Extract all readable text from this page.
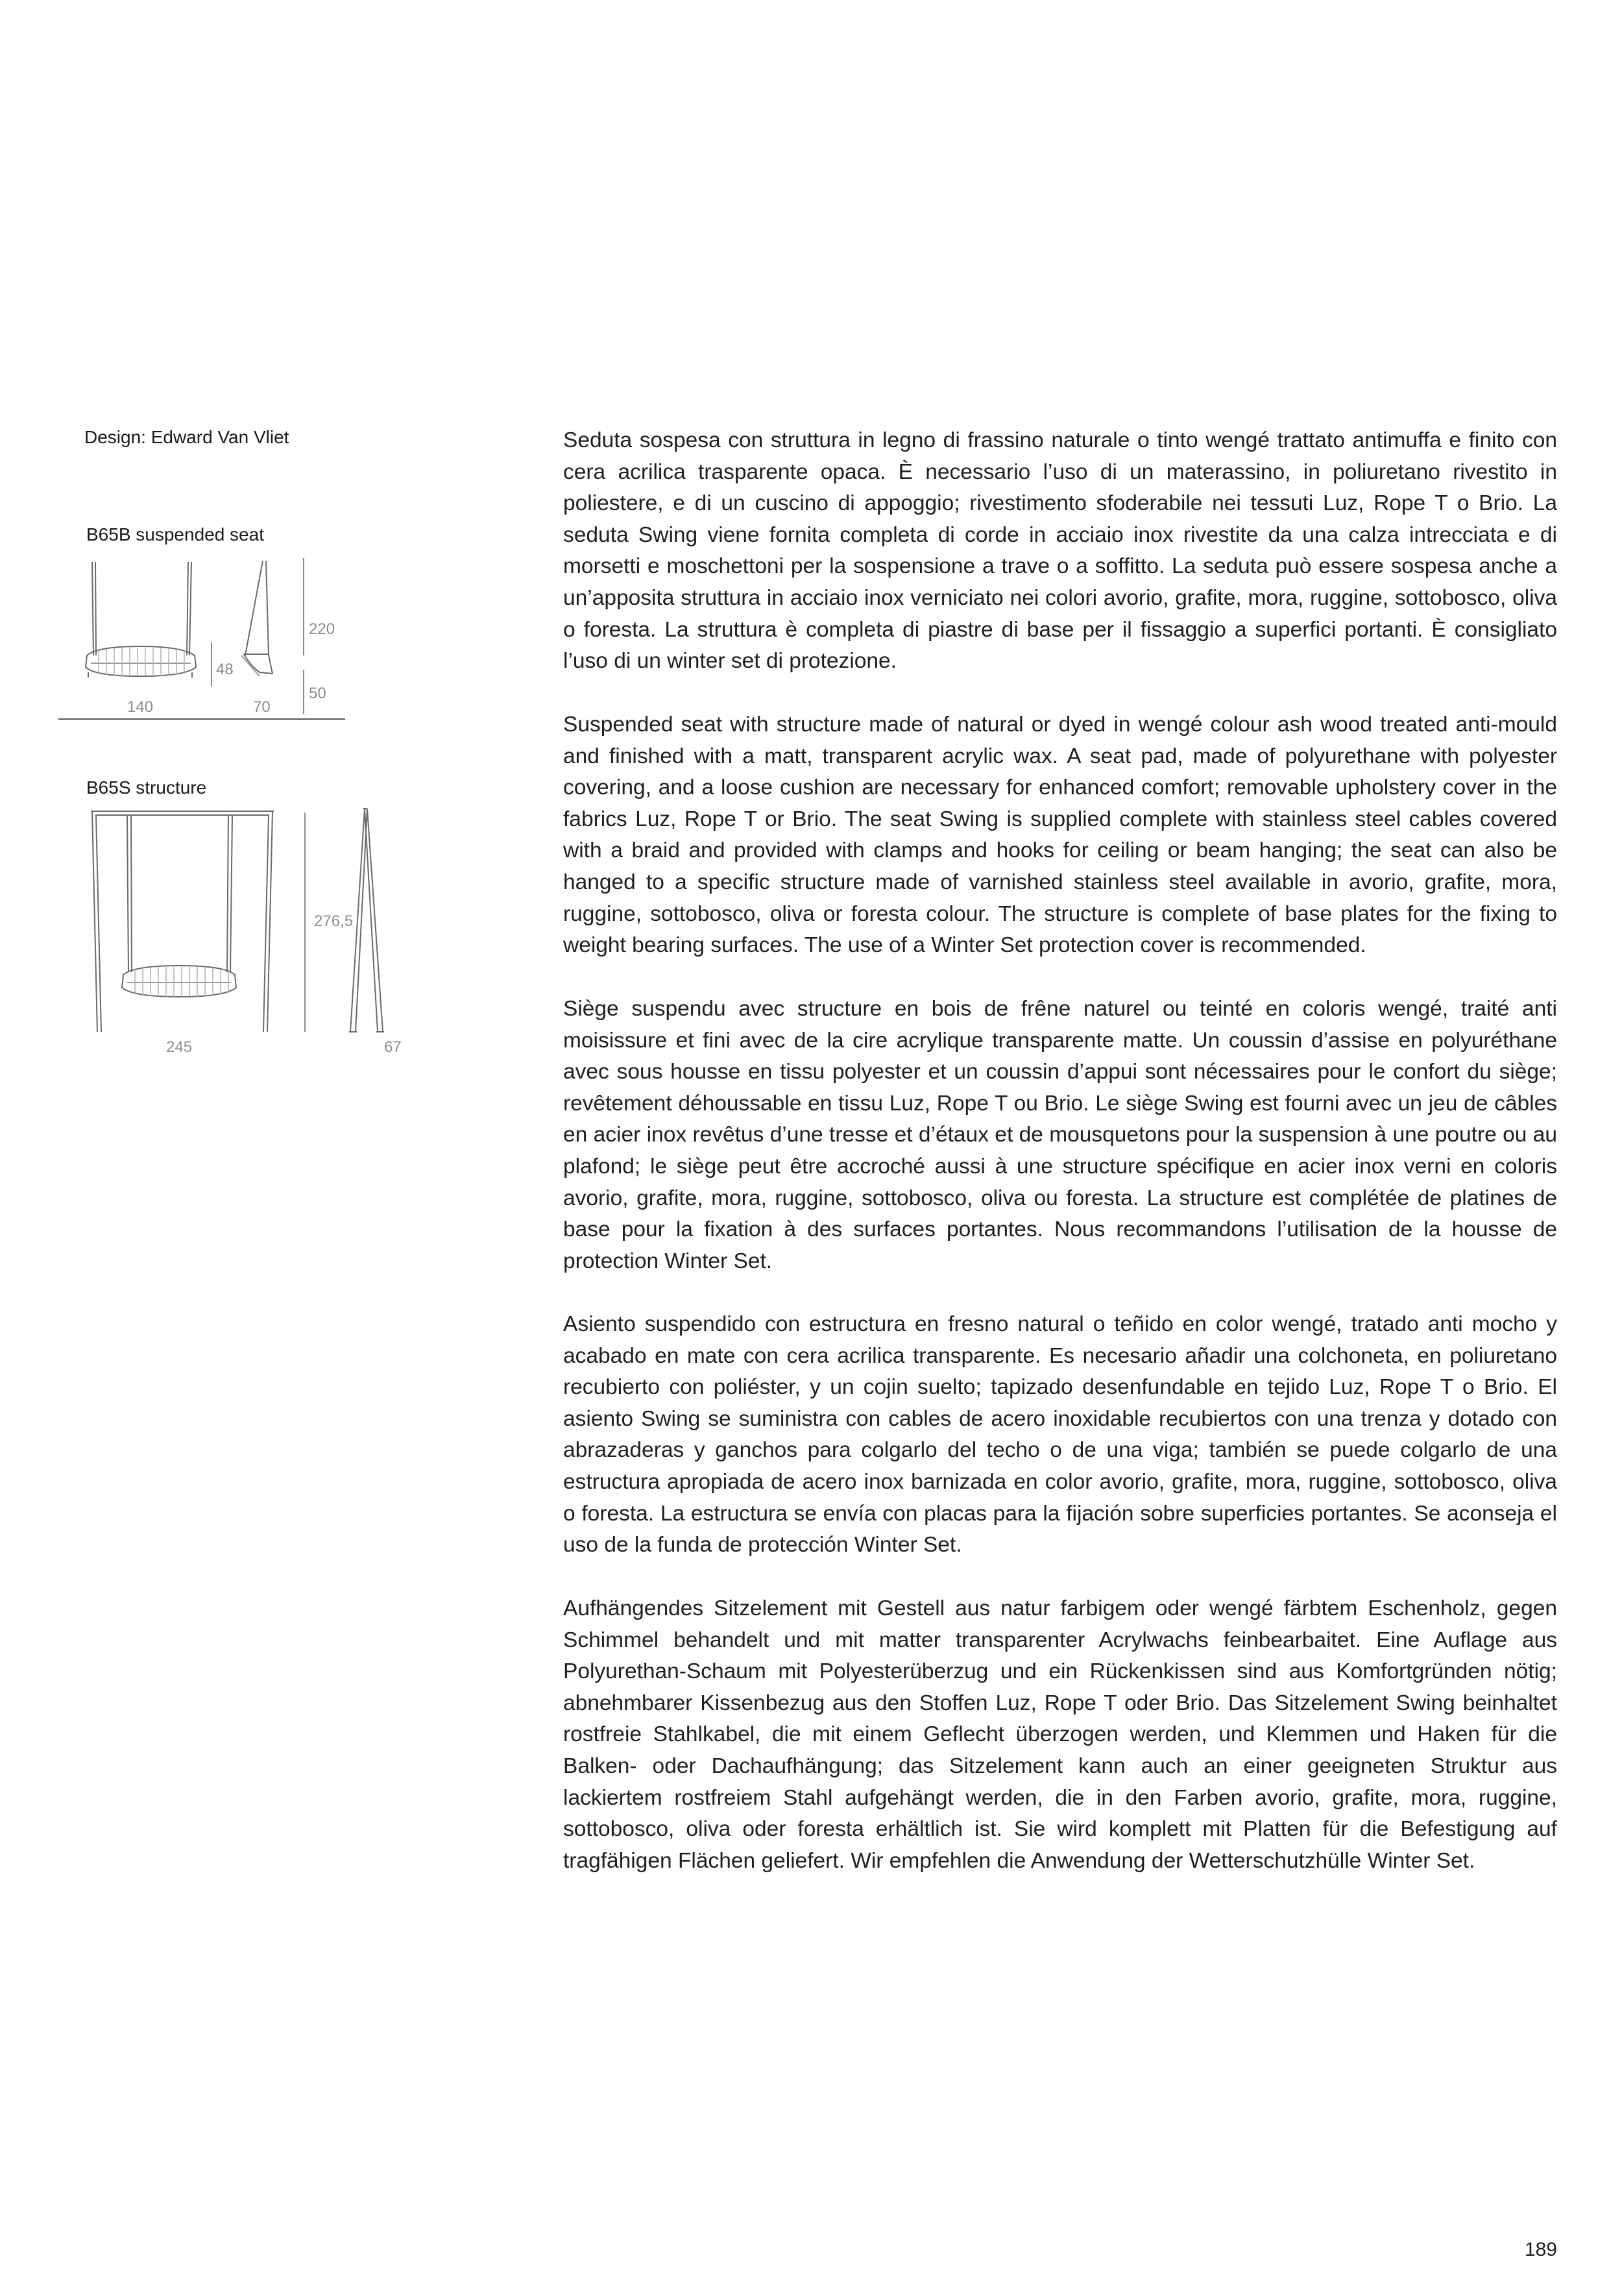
Design: Edward Van Vliet
B65B suspended seat
220
48
50
140	70
B65S structure
276,5
245	67

Seduta sospesa con struttura in legno di frassino naturale o tinto wengé trattato antimuffa e finito con cera acrilica trasparente opaca. È necessario l’uso di un materassino, in poliuretano rivestito in poliestere, e di un cuscino di appoggio; rivestimento sfoderabile nei tessuti Luz, Rope T o Brio. La seduta Swing viene fornita completa di corde in acciaio inox rivestite da una calza intrecciata e di morsetti e moschettoni per la sospensione a trave o a soffitto. La seduta può essere sospesa anche a un’apposita struttura in acciaio inox verniciato nei colori avorio, grafite, mora, ruggine, sottobosco, oliva o foresta. La struttura è completa di piastre di base per il fissaggio a superfici portanti. È consigliato l’uso di un winter set di protezione.

Suspended seat with structure made of natural or dyed in wengé colour ash wood treated anti-mould and finished with a matt, transparent acrylic wax. A seat pad, made of polyurethane with polyester covering, and a loose cushion are necessary for enhanced comfort; removable upholstery cover in the fabrics Luz, Rope T or Brio. The seat Swing is supplied complete with stainless steel cables covered with a braid and provided with clamps and hooks for ceiling or beam hanging; the seat can also be hanged to a specific structure made of varnished stainless steel available in avorio, grafite, mora, ruggine, sottobosco, oliva or foresta colour. The structure is complete of base plates for the fixing to weight bearing surfaces. The use of a Winter Set protection cover is recommended.

Siège suspendu avec structure en bois de frêne naturel ou teinté en coloris wengé, traité anti moisissure et fini avec de la cire acrylique transparente matte. Un coussin d’assise en polyuréthane avec sous housse en tissu polyester et un coussin d’appui sont nécessaires pour le confort du siège; revêtement déhoussable en tissu Luz, Rope T ou Brio. Le siège Swing est fourni avec un jeu de câbles en acier inox revêtus d’une tresse et d’étaux et de mousquetons pour la suspension à une poutre ou au plafond; le siège peut être accroché aussi à une structure spécifique en acier inox verni en coloris avorio, grafite, mora, ruggine, sottobosco, oliva ou foresta. La structure est complétée de platines de base pour la fixation à des surfaces portantes. Nous recommandons l’utilisation de la housse de protection Winter Set.

Asiento suspendido con estructura en fresno natural o teñido en color wengé, tratado anti mocho y acabado en mate con cera acrilica transparente. Es necesario añadir una colchoneta, en poliuretano recubierto con poliéster, y un cojin suelto; tapizado desenfundable en tejido Luz, Rope T o Brio. El asiento Swing se suministra con cables de acero inoxidable recubiertos con una trenza y dotado con abrazaderas y ganchos para colgarlo del techo o de una viga; también se puede colgarlo de una estructura apropiada de acero inox barnizada en color avorio, grafite, mora, ruggine, sottobosco, oliva o foresta. La estructura se envía con placas para la fijación sobre superficies portantes. Se aconseja el uso de la funda de protección Winter Set.

Aufhängendes Sitzelement mit Gestell aus natur farbigem oder wengé färbtem Eschenholz, gegen Schimmel behandelt und mit matter transparenter Acrylwachs feinbearbaitet. Eine Auflage aus Polyurethan-Schaum mit Polyesterüberzug und ein Rückenkissen sind aus Komfortgründen nötig; abnehmbarer Kissenbezug aus den Stoffen Luz, Rope T oder Brio. Das Sitzelement Swing beinhaltet rostfreie Stahlkabel, die mit einem Geflecht überzogen werden, und Klemmen und Haken für die Balken- oder Dachaufhängung; das Sitzelement kann auch an einer geeigneten Struktur aus lackiertem rostfreiem Stahl aufgehängt werden, die in den Farben avorio, grafite, mora, ruggine, sottobosco, oliva oder foresta erhältlich ist. Sie wird komplett mit Platten für die Befestigung auf tragfähigen Flächen geliefert. Wir empfehlen die Anwendung der Wetterschutzhülle Winter Set.

189
